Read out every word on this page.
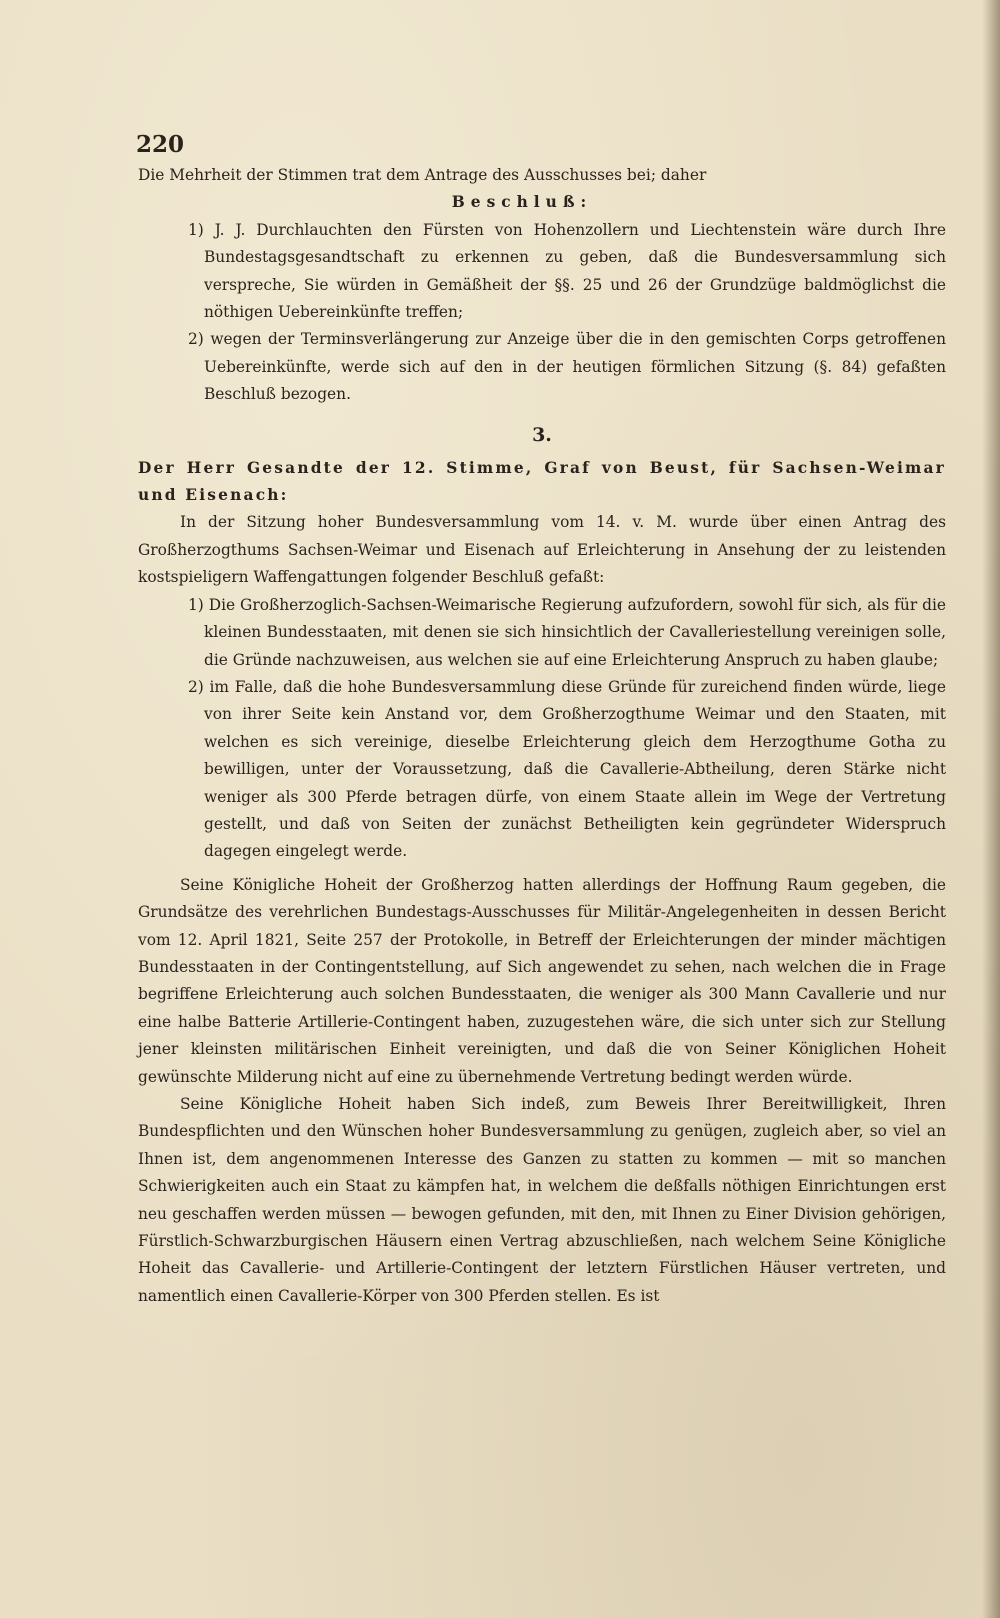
220

Die Mehrheit der Stimmen trat dem Antrage des Ausschusses bei; daher

Beschluß:

1) J. J. Durchlauchten den Fürsten von Hohenzollern und Liechtenstein wäre durch Ihre Bundestagsgesandtschaft zu erkennen zu geben, daß die Bundesversammlung sich verspreche, Sie würden in Gemäßheit der §§. 25 und 26 der Grundzüge baldmöglichst die nöthigen Uebereinkünfte treffen;

2) wegen der Terminsverlängerung zur Anzeige über die in den gemischten Corps getroffenen Uebereinkünfte, werde sich auf den in der heutigen förmlichen Sitzung (§. 84) gefaßten Beschluß bezogen.

3.

Der Herr Gesandte der 12. Stimme, Graf von Beust, für Sachsen-Weimar und Eisenach:

In der Sitzung hoher Bundesversammlung vom 14. v. M. wurde über einen Antrag des Großherzogthums Sachsen-Weimar und Eisenach auf Erleichterung in Ansehung der zu leistenden kostspieligern Waffengattungen folgender Beschluß gefaßt:

1) Die Großherzoglich-Sachsen-Weimarische Regierung aufzufordern, sowohl für sich, als für die kleinen Bundesstaaten, mit denen sie sich hinsichtlich der Cavalleriestellung vereinigen solle, die Gründe nachzuweisen, aus welchen sie auf eine Erleichterung Anspruch zu haben glaube;

2) im Falle, daß die hohe Bundesversammlung diese Gründe für zureichend finden würde, liege von ihrer Seite kein Anstand vor, dem Großherzogthume Weimar und den Staaten, mit welchen es sich vereinige, dieselbe Erleichterung gleich dem Herzogthume Gotha zu bewilligen, unter der Voraussetzung, daß die Cavallerie-Abtheilung, deren Stärke nicht weniger als 300 Pferde betragen dürfe, von einem Staate allein im Wege der Vertretung gestellt, und daß von Seiten der zunächst Betheiligten kein gegründeter Widerspruch dagegen eingelegt werde.

Seine Königliche Hoheit der Großherzog hatten allerdings der Hoffnung Raum gegeben, die Grundsätze des verehrlichen Bundestags-Ausschusses für Militär-Angelegenheiten in dessen Bericht vom 12. April 1821, Seite 257 der Protokolle, in Betreff der Erleichterungen der minder mächtigen Bundesstaaten in der Contingentstellung, auf Sich angewendet zu sehen, nach welchen die in Frage begriffene Erleichterung auch solchen Bundesstaaten, die weniger als 300 Mann Cavallerie und nur eine halbe Batterie Artillerie-Contingent haben, zuzugestehen wäre, die sich unter sich zur Stellung jener kleinsten militärischen Einheit vereinigten, und daß die von Seiner Königlichen Hoheit gewünschte Milderung nicht auf eine zu übernehmende Vertretung bedingt werden würde.

Seine Königliche Hoheit haben Sich indeß, zum Beweis Ihrer Bereitwilligkeit, Ihren Bundespflichten und den Wünschen hoher Bundesversammlung zu genügen, zugleich aber, so viel an Ihnen ist, dem angenommenen Interesse des Ganzen zu statten zu kommen — mit so manchen Schwierigkeiten auch ein Staat zu kämpfen hat, in welchem die deßfalls nöthigen Einrichtungen erst neu geschaffen werden müssen — bewogen gefunden, mit den, mit Ihnen zu Einer Division gehörigen, Fürstlich-Schwarzburgischen Häusern einen Vertrag abzuschließen, nach welchem Seine Königliche Hoheit das Cavallerie- und Artillerie-Contingent der letztern Fürstlichen Häuser vertreten, und namentlich einen Cavallerie-Körper von 300 Pferden stellen. Es ist
